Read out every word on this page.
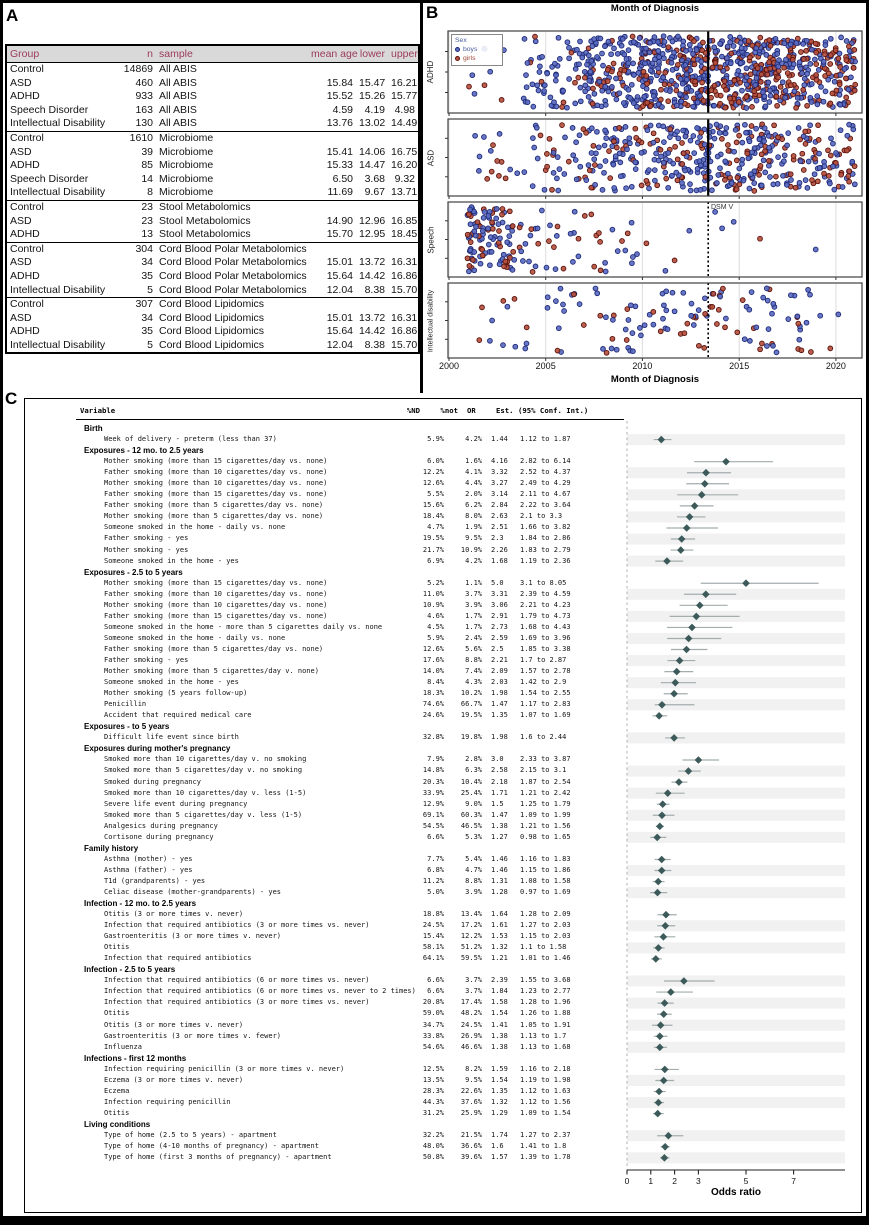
A
Group	n	sample	mean age	lower	upper
Control	14869	All ABIS			
ASD	460	All ABIS	15.84	15.47	16.21
ADHD	933	All ABIS	15.52	15.26	15.77
Speech Disorder	163	All ABIS	4.59	4.19	4.98
Intellectual Disability	130	All ABIS	13.76	13.02	14.49
Control	1610	Microbiome			
ASD	39	Microbiome	15.41	14.06	16.75
ADHD	85	Microbiome	15.33	14.47	16.20
Speech Disorder	14	Microbiome	6.50	3.68	9.32
Intellectual Disability	8	Microbiome	11.69	9.67	13.71
Control	23	Stool Metabolomics			
ASD	23	Stool Metabolomics	14.90	12.96	16.85
ADHD	13	Stool Metabolomics	15.70	12.95	18.45
Control	304	Cord Blood Polar Metabolomics			
ASD	34	Cord Blood Polar Metabolomics	15.01	13.72	16.31
ADHD	35	Cord Blood Polar Metabolomics	15.64	14.42	16.86
Intellectual Disability	5	Cord Blood Polar Metabolomics	12.04	8.38	15.70
Control	307	Cord Blood Lipidomics			
ASD	34	Cord Blood Lipidomics	15.01	13.72	16.31
ADHD	35	Cord Blood Lipidomics	15.64	14.42	16.86
Intellectual Disability	5	Cord Blood Lipidomics	12.04	8.38	15.70
B	Month of Diagnosis
2000	2005	2010	2015	2020
ADHD
ASD
Speech
Intellectual disability
Sex
boys
girls
DSM V
Month of Diagnosis
C
0 1 2 3	5	7
Variable	%ND	%not OR	Est. (95% Conf. Int.)
Birth
Week of delivery - preterm (less than 37)	5.9%	4.2% 1.44	1.12 to 1.87
Exposures - 12 mo. to 2.5 years
Mother smoking (more than 15 cigarettes/day vs. none)	6.0%	1.6% 4.16	2.82 to 6.14
Father smoking (more than 10 cigarettes/day vs. none)	12.2%	4.1% 3.32	2.52 to 4.37
Mother smoking (more than 10 cigarettes/day vs. none)	12.6%	4.4% 3.27	2.49 to 4.29
Father smoking (more than 15 cigarettes/day vs. none)	5.5%	2.0% 3.14	2.11 to 4.67
Father smoking (more than 5 cigarettes/day vs. none)	15.6%	6.2% 2.84	2.22 to 3.64
Mother smoking (more than 5 cigarettes/day vs. none)	18.4%	8.0% 2.63	2.1 to 3.3
Someone smoked in the home - daily vs. none	4.7%	1.9% 2.51	1.66 to 3.82
Father smoking - yes	19.5%	9.5% 2.3	1.84 to 2.86
Mother smoking - yes	21.7%	10.9% 2.26	1.83 to 2.79
Someone smoked in the home - yes	6.9%	4.2% 1.68	1.19 to 2.36
Exposures - 2.5 to 5 years
Mother smoking (more than 15 cigarettes/day vs. none)	5.2%	1.1% 5.0	3.1 to 8.05
Father smoking (more than 10 cigarettes/day vs. none)	11.0%	3.7% 3.31	2.39 to 4.59
Mother smoking (more than 10 cigarettes/day vs. none)	10.9%	3.9% 3.06	2.21 to 4.23
Father smoking (more than 15 cigarettes/day vs. none)	4.6%	1.7% 2.91	1.79 to 4.73
Someone smoked in the home - more than 5 cigarettes daily vs. none	4.5%	1.7% 2.73	1.68 to 4.43
Someone smoked in the home - daily vs. none	5.9%	2.4% 2.59	1.69 to 3.96
Father smoking (more than 5 cigarettes/day vs. none)	12.6%	5.6% 2.5	1.85 to 3.38
Father smoking - yes	17.6%	8.8% 2.21	1.7 to 2.87
Mother smoking (more than 5 cigarettes/day v. none)	14.0%	7.4% 2.09	1.57 to 2.78
Someone smoked in the home - yes	8.4%	4.3% 2.03	1.42 to 2.9
Mother smoking (5 years follow-up)	18.3%	10.2% 1.98	1.54 to 2.55
Penicillin	74.6%	66.7% 1.47	1.17 to 2.83
Accident that required medical care	24.6%	19.5% 1.35	1.07 to 1.69
Exposures - to 5 years
Difficult life event since birth	32.8%	19.8% 1.98	1.6 to 2.44
Exposures during mother's pregnancy
Smoked more than 10 cigarettes/day v. no smoking	7.9%	2.8% 3.0	2.33 to 3.87
Smoked more than 5 cigarettes/day v. no smoking	14.8%	6.3% 2.58	2.15 to 3.1
Smoked during pregnancy	20.3%	10.4% 2.18	1.87 to 2.54
Smoked more than 10 cigarettes/day v. less (1-5)	33.9%	25.4% 1.71	1.21 to 2.42
Severe life event during pregnancy	12.9%	9.0% 1.5	1.25 to 1.79
Smoked more than 5 cigarettes/day v. less (1-5)	69.1%	60.3% 1.47	1.09 to 1.99
Analgesics during pregnancy	54.5%	46.5% 1.38	1.21 to 1.56
Cortisone during pregnancy	6.6%	5.3% 1.27	0.98 to 1.65
Family history
Asthma (mother) - yes	7.7%	5.4% 1.46	1.16 to 1.83
Asthma (father) - yes	6.8%	4.7% 1.46	1.15 to 1.86
T1d (grandparents) - yes	11.2%	8.8% 1.31	1.08 to 1.58
Celiac disease (mother-grandparents) - yes	5.0%	3.9% 1.28	0.97 to 1.69
Infection - 12 mo. to 2.5 years
Otitis (3 or more times v. never)	18.8%	13.4% 1.64	1.28 to 2.09
Infection that required antibiotics (3 or more times vs. never)	24.5%	17.2% 1.61	1.27 to 2.03
Gastroenteritis (3 or more times v. never)	15.4%	12.2% 1.53	1.15 to 2.03
Otitis	58.1%	51.2% 1.32	1.1 to 1.58
Infection that required antibiotics	64.1%	59.5% 1.21	1.01 to 1.46
Infection - 2.5 to 5 years
Infection that required antibiotics (6 or more times vs. never)	6.6%	3.7% 2.39	1.55 to 3.68
Infection that required antibiotics (6 or more times vs. never to 2 times)	6.6%	3.7% 1.84	1.23 to 2.77
Infection that required antibiotics (3 or more times vs. never)	20.8%	17.4% 1.58	1.28 to 1.96
Otitis	59.0%	48.2% 1.54	1.26 to 1.88
Otitis (3 or more times v. never)	34.7%	24.5% 1.41	1.05 to 1.91
Gastroenteritis (3 or more times v. fewer)	33.8%	26.9% 1.38	1.13 to 1.7
Influenza	54.6%	46.6% 1.38	1.13 to 1.68
Infections - first 12 months
Infection requiring penicillin (3 or more times v. never)	12.5%	8.2% 1.59	1.16 to 2.18
Eczema (3 or more times v. never)	13.5%	9.5% 1.54	1.19 to 1.98
Eczema	28.3%	22.6% 1.35	1.12 to 1.63
Infection requiring penicillin	44.3%	37.6% 1.32	1.12 to 1.56
Otitis	31.2%	25.9% 1.29	1.09 to 1.54
Living conditions
Type of home (2.5 to 5 years) - apartment	32.2%	21.5% 1.74	1.27 to 2.37
Type of home (4-10 months of pregnancy) - apartment	48.0%	36.6% 1.6	1.41 to 1.8
Type of home (first 3 months of pregnancy) - apartment	50.8%	39.6% 1.57	1.39 to 1.78
Odds ratio
